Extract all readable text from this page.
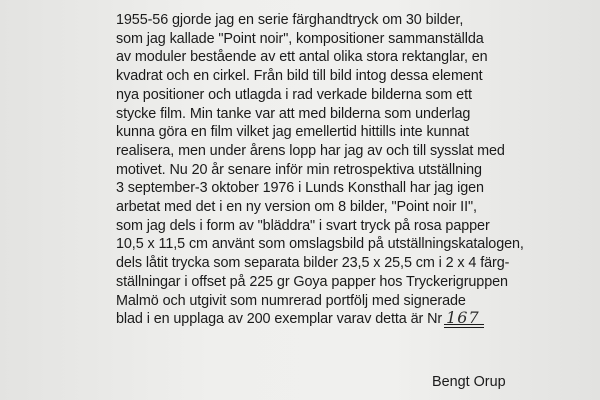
1955-56 gjorde jag en serie färghandtryck om 30 bilder,
som jag kallade "Point noir", kompositioner sammanställda
av moduler bestående av ett antal olika stora rektanglar, en
kvadrat och en cirkel. Från bild till bild intog dessa element
nya positioner och utlagda i rad verkade bilderna som ett
stycke film. Min tanke var att med bilderna som underlag
kunna göra en film vilket jag emellertid hittills inte kunnat
realisera, men under årens lopp har jag av och till sysslat med
motivet. Nu 20 år senare inför min retrospektiva utställning
3 september-3 oktober 1976 i Lunds Konsthall har jag igen
arbetat med det i en ny version om 8 bilder, "Point noir II",
som jag dels i form av "bläddra" i svart tryck på rosa papper
10,5 x 11,5 cm använt som omslagsbild på utställningskatalogen,
dels låtit trycka som separata bilder 23,5 x 25,5 cm i 2 x 4 färg-
ställningar i offset på 225 gr Goya papper hos Tryckerigruppen
Malmö och utgivit som numrerad portfölj med signerade
blad i en upplaga av 200 exemplar varav detta är Nr 167
Bengt Orup
